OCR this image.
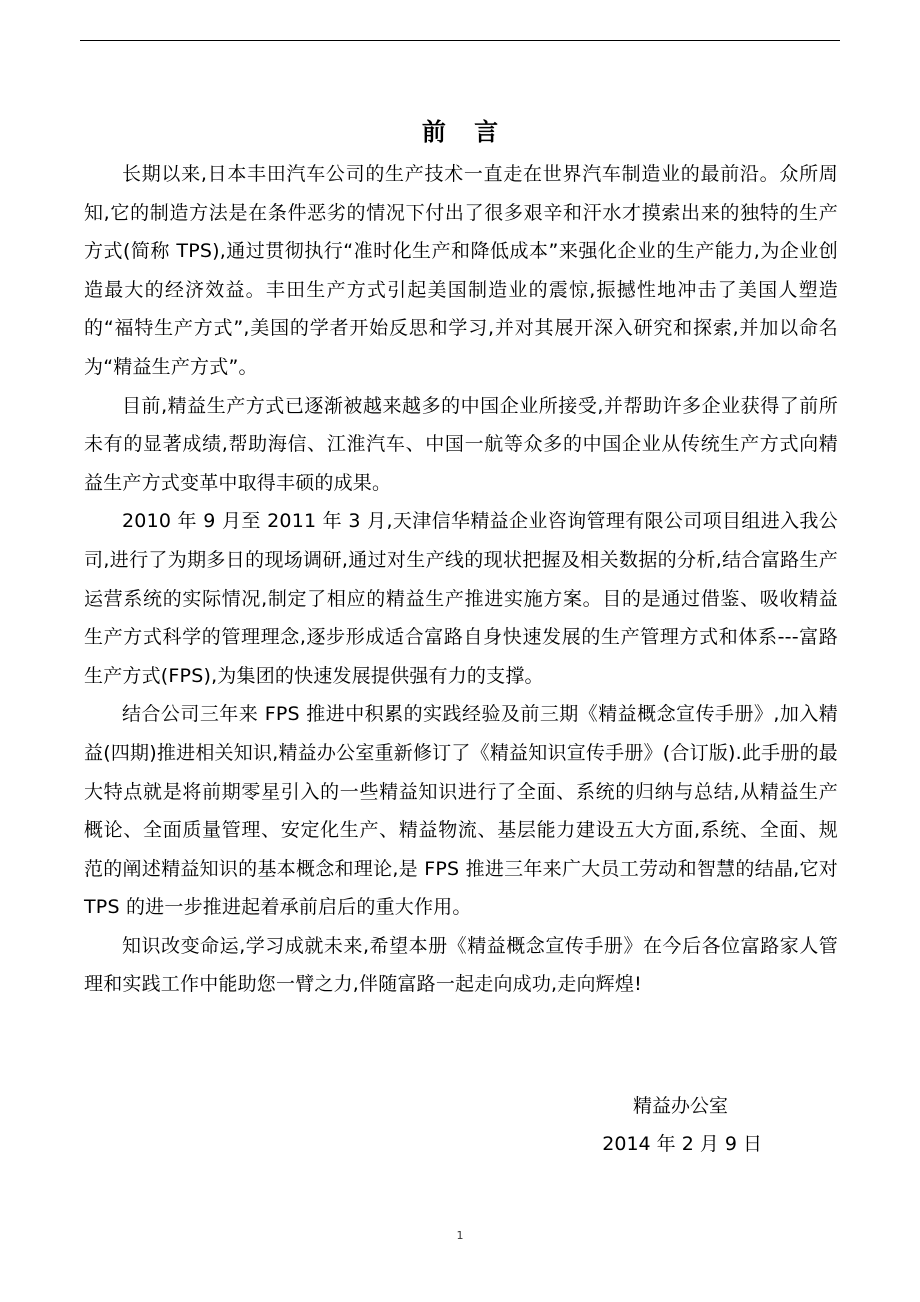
前 言

长期以来,日本丰田汽车公司的生产技术一直走在世界汽车制造业的最前沿。众所周知,它的制造方法是在条件恶劣的情况下付出了很多艰辛和汗水才摸索出来的独特的生产方式(简称 TPS),通过贯彻执行“准时化生产和降低成本”来强化企业的生产能力,为企业创造最大的经济效益。丰田生产方式引起美国制造业的震惊,振撼性地冲击了美国人塑造的“福特生产方式”,美国的学者开始反思和学习,并对其展开深入研究和探索,并加以命名为“精益生产方式”。

目前,精益生产方式已逐渐被越来越多的中国企业所接受,并帮助许多企业获得了前所未有的显著成绩,帮助海信、江淮汽车、中国一航等众多的中国企业从传统生产方式向精益生产方式变革中取得丰硕的成果。

2010 年 9 月至 2011 年 3 月,天津信华精益企业咨询管理有限公司项目组进入我公司,进行了为期多日的现场调研,通过对生产线的现状把握及相关数据的分析,结合富路生产运营系统的实际情况,制定了相应的精益生产推进实施方案。目的是通过借鉴、吸收精益生产方式科学的管理理念,逐步形成适合富路自身快速发展的生产管理方式和体系---富路生产方式(FPS),为集团的快速发展提供强有力的支撑。

结合公司三年来 FPS 推进中积累的实践经验及前三期《精益概念宣传手册》,加入精益(四期)推进相关知识,精益办公室重新修订了《精益知识宣传手册》(合订版).此手册的最大特点就是将前期零星引入的一些精益知识进行了全面、系统的归纳与总结,从精益生产概论、全面质量管理、安定化生产、精益物流、基层能力建设五大方面,系统、全面、规范的阐述精益知识的基本概念和理论,是 FPS 推进三年来广大员工劳动和智慧的结晶,它对 TPS 的进一步推进起着承前启后的重大作用。

知识改变命运,学习成就未来,希望本册《精益概念宣传手册》在今后各位富路家人管理和实践工作中能助您一臂之力,伴随富路一起走向成功,走向辉煌!

精益办公室
2014 年 2 月 9 日
1
